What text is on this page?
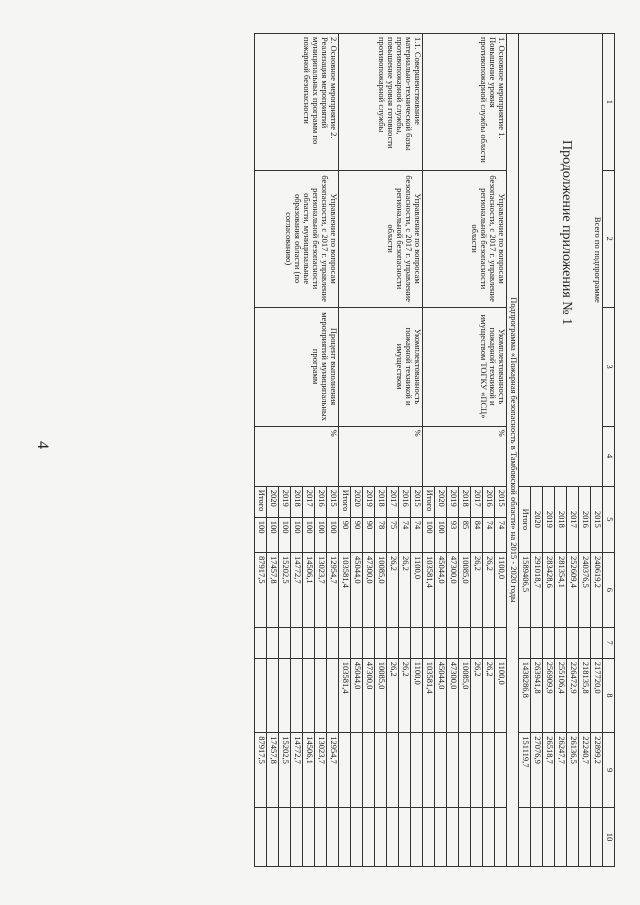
4
Продолжение приложения № 1
1	2	3	4	5		6	7	8	9	10
Всего по подпрограмме				2015		240619,2		217720,0	22899,2	
				2016		240376,5		218135,8	22240,7	
				2017		252609,4		226472,9	26136,5	
				2018		281354,1		255106,4	26247,7	
				2019		283428,6		256909,9	26518,7	
				2020		291018,7		263941,8	27076,9	
				Итого		1589406,5		1438286,8	151119,7	
Подпрограмма «Пожарная безопасность в Тамбовской области» на 2015 - 2020 годы										
1. Основное мероприятие 1. Повышение уровня противопожарной службы области	Управление по вопросам безопасности, с 2017 г. управление региональной безопасности области	Укомплектованность пожарной техникой и имуществом ТОГКУ «ПСЦ»	%	2015	74	1100,0		1100,0		
				2016	74	26,2		26,2		
				2017	84	26,2		26,2		
				2018	85	10085,0		10085,0		
				2019	93	47300,0		47300,0		
				2020	100	45044,0		45044,0		
				Итого	100	103581,4		103581,4		
1.1. Совершенствование материально-технической базы противопожарной службы, повышение уровня готовности противопожарной службы	Управление по вопросам безопасности, с 2017 г. управление региональной безопасности области	Укомплектованность пожарной техникой и имуществом	%	2015	74	1100,0		1100,0		
				2016	74	26,2		26,2		
				2017	75	26,2		26,2		
				2018	78	10085,0		10085,0		
				2019	90	47300,0		47300,0		
				2020	90	45044,0		45044,0		
				Итого	90	103581,4		103581,4		
2. Основное мероприятие 2. Реализация мероприятий муниципальных программ по пожарной безопасности	Управление по вопросам безопасности, с 2017 г. управление региональной безопасности области, муниципальные образования области (по согласованию)	Процент выполнения мероприятий муниципальных программ	%	2015	100	12954,7			12954,7	
				2016	100	13023,7			13023,7	
				2017	100	14506,1			14506,1	
				2018	100	14772,7			14772,7	
				2019	100	15202,5			15202,5	
				2020	100	17457,8			17457,8	
				Итого	100	87917,5			87917,5	
